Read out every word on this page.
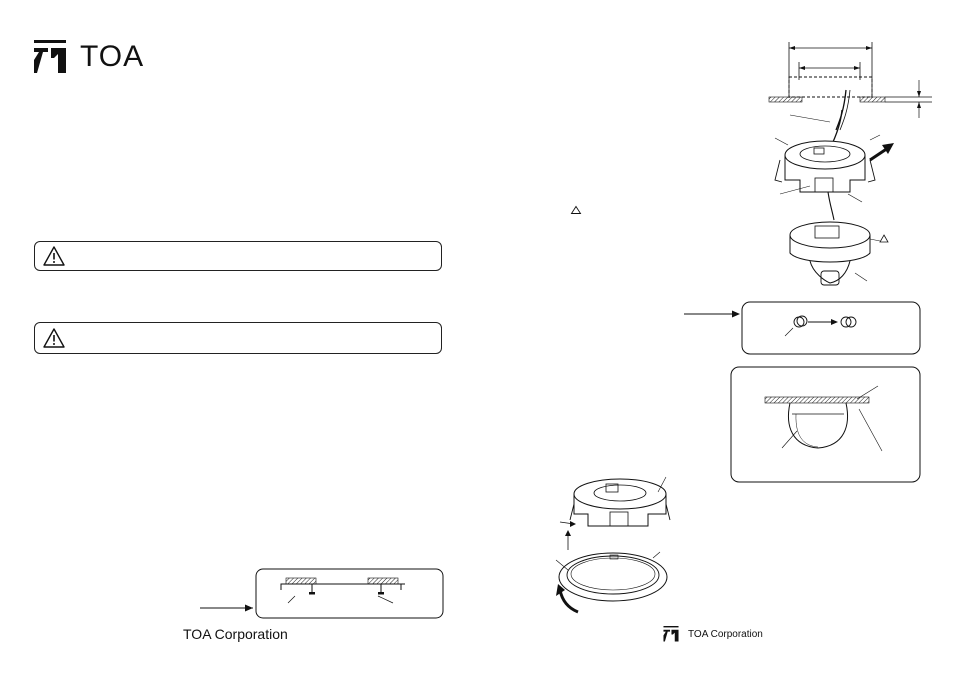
TOA
TOA Corporation	TOA Corporation
